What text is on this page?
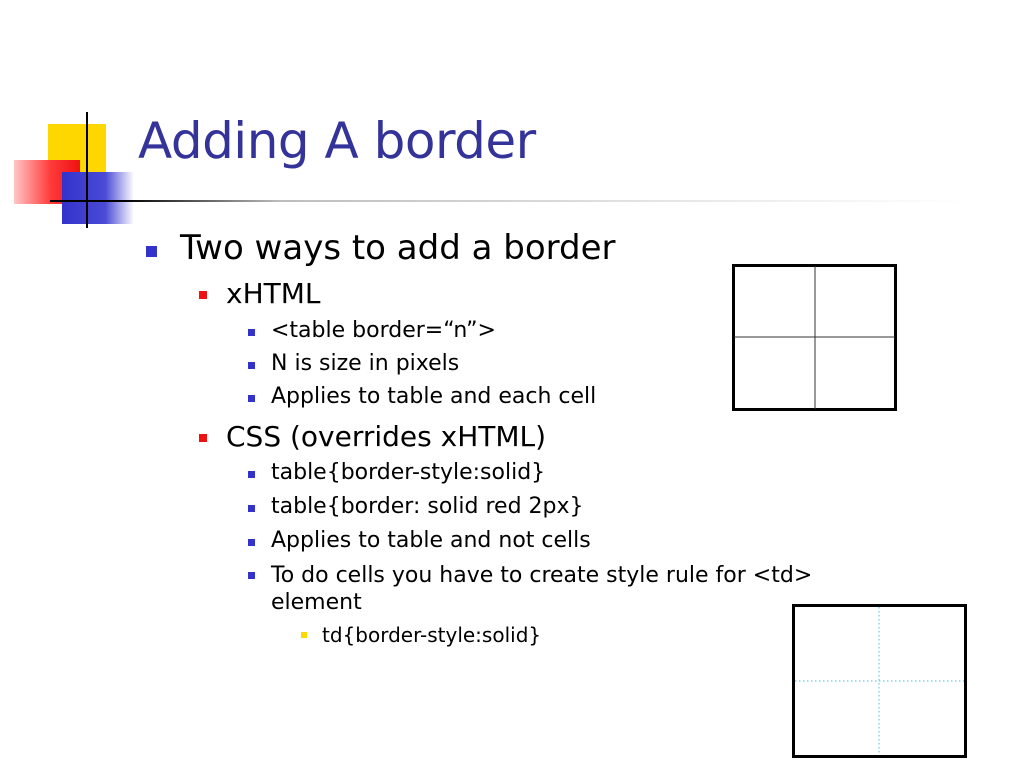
Adding A border
Two ways to add a border
xHTML
<table border=“n”>
N is size in pixels
Applies to table and each cell
CSS (overrides xHTML)
table{border-style:solid}
table{border: solid red 2px}
Applies to table and not cells
To do cells you have to create style rule for <td>
element
td{border-style:solid}
